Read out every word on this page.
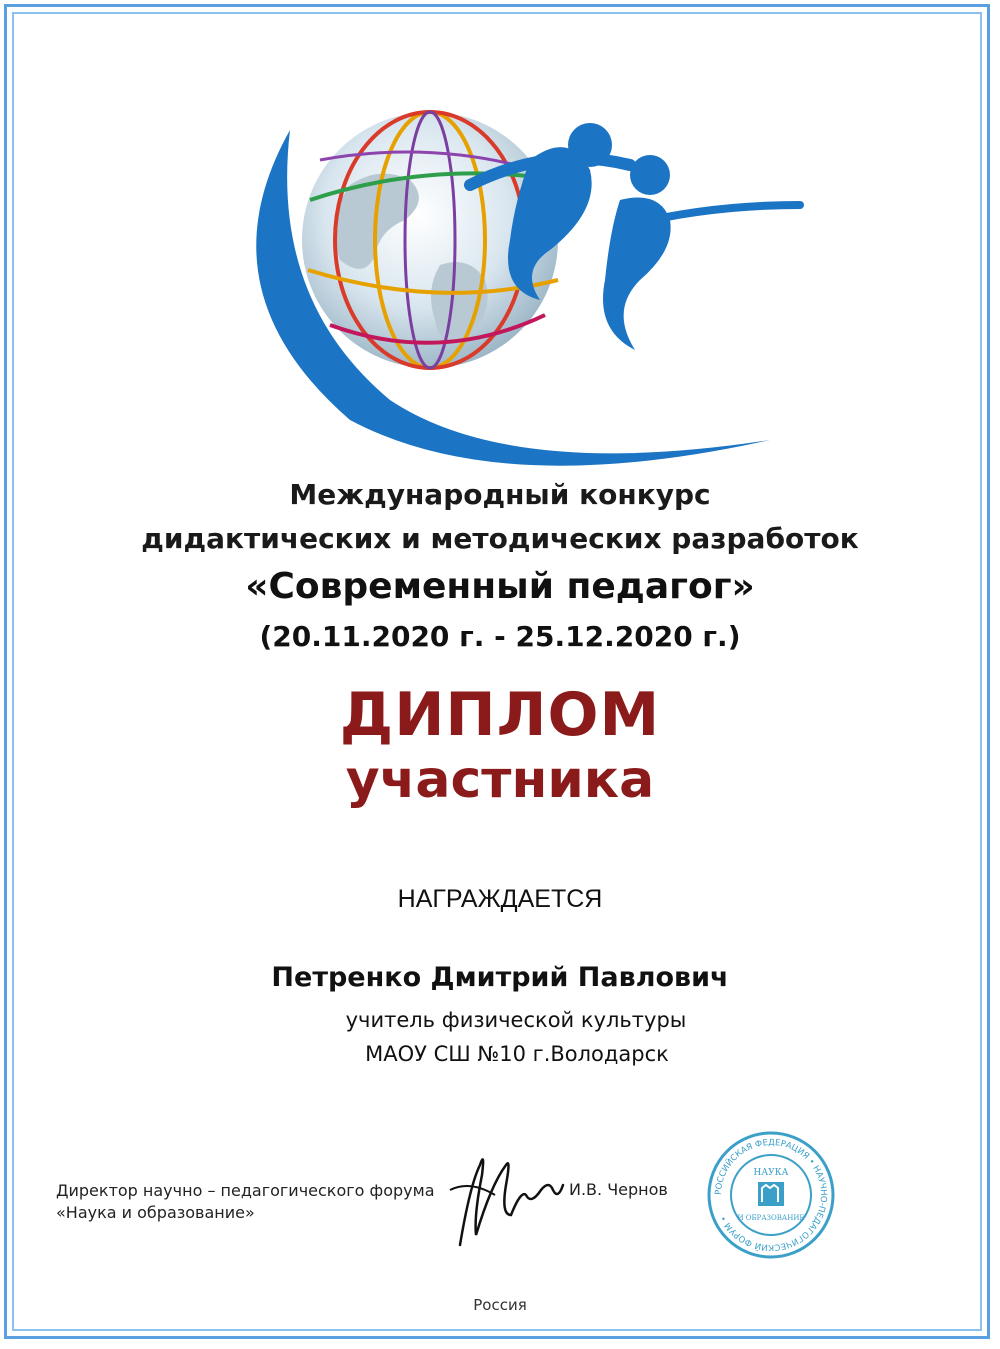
Международный конкурс
дидактических и методических разработок
«Современный педагог»
(20.11.2020 г. - 25.12.2020 г.)
ДИПЛОМ
участника
НАГРАЖДАЕТСЯ
Петренко Дмитрий Павлович
учитель физической культуры
МАОУ СШ №10 г.Володарск
Директор научно – педагогического форума
«Наука и образование»
И.В. Чернов	РОССИЙСКАЯ ФЕДЕРАЦИЯ • НАУЧНО-ПЕДАГОГИЧЕСКИЙ ФОРУМ •
НАУКА
И ОБРАЗОВАНИЕ
Россия
